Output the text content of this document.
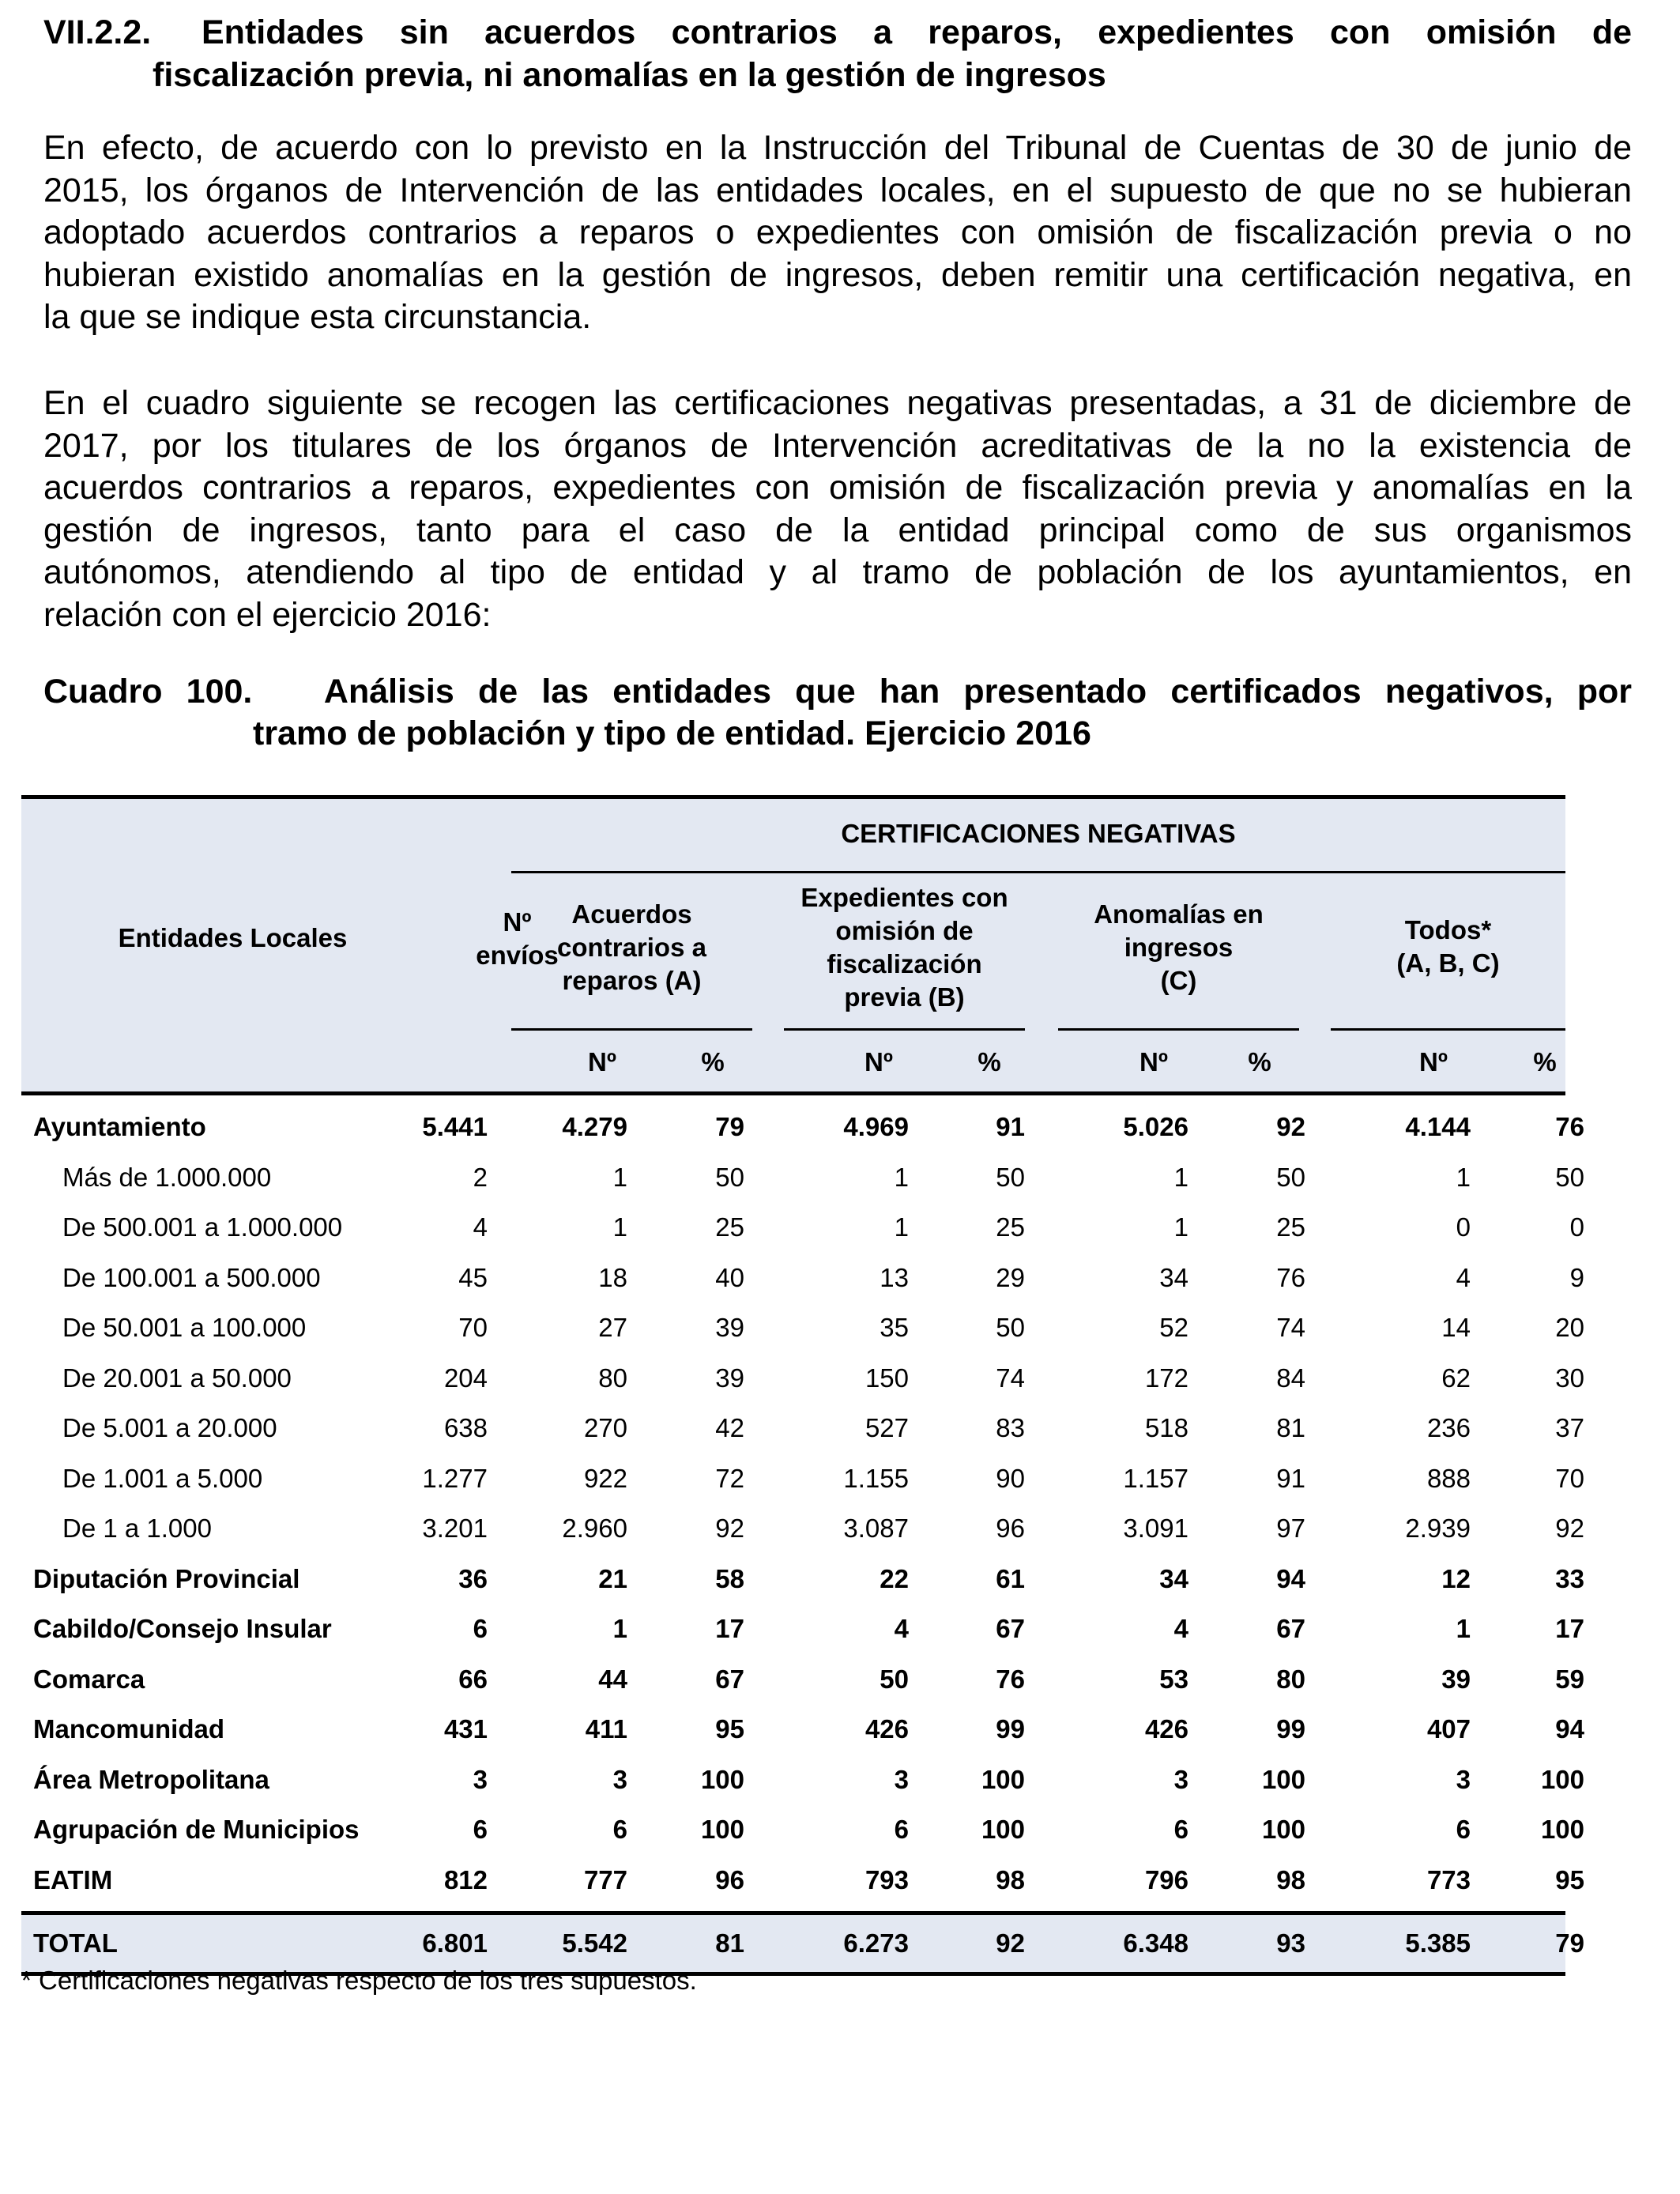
VII.2.2. Entidades sin acuerdos contrarios a reparos, expedientes con omisión de
fiscalización previa, ni anomalías en la gestión de ingresos
En efecto, de acuerdo con lo previsto en la Instrucción del Tribunal de Cuentas de 30 de junio de
2015, los órganos de Intervención de las entidades locales, en el supuesto de que no se hubieran
adoptado acuerdos contrarios a reparos o expedientes con omisión de fiscalización previa o no
hubieran existido anomalías en la gestión de ingresos, deben remitir una certificación negativa, en
la que se indique esta circunstancia.
En el cuadro siguiente se recogen las certificaciones negativas presentadas, a 31 de diciembre de
2017, por los titulares de los órganos de Intervención acreditativas de la no la existencia de
acuerdos contrarios a reparos, expedientes con omisión de fiscalización previa y anomalías en la
gestión de ingresos, tanto para el caso de la entidad principal como de sus organismos
autónomos, atendiendo al tipo de entidad y al tramo de población de los ayuntamientos, en
relación con el ejercicio 2016:
Cuadro 100. Análisis de las entidades que han presentado certificados negativos, por
tramo de población y tipo de entidad. Ejercicio 2016
Entidades Locales
Nº
envíos
CERTIFICACIONES NEGATIVAS
Acuerdos
contrarios a
reparos (A)
Expedientes con
omisión de
fiscalización
previa (B)
Anomalías en
ingresos
(C)
Todos*
(A, B, C)
Nº	%	Nº	%	Nº	%	Nº	%
Ayuntamiento	5.441	4.279	79	4.969	91	5.026	92	4.144	76
Más de 1.000.000	2	1	50	1	50	1	50	1	50
De 500.001 a 1.000.000	4	1	25	1	25	1	25	0	0
De 100.001 a 500.000	45	18	40	13	29	34	76	4	9
De 50.001 a 100.000	70	27	39	35	50	52	74	14	20
De 20.001 a 50.000	204	80	39	150	74	172	84	62	30
De 5.001 a 20.000	638	270	42	527	83	518	81	236	37
De 1.001 a 5.000	1.277	922	72	1.155	90	1.157	91	888	70
De 1 a 1.000	3.201	2.960	92	3.087	96	3.091	97	2.939	92
Diputación Provincial	36	21	58	22	61	34	94	12	33
Cabildo/Consejo Insular	6	1	17	4	67	4	67	1	17
Comarca	66	44	67	50	76	53	80	39	59
Mancomunidad	431	411	95	426	99	426	99	407	94
Área Metropolitana	3	3	100	3	100	3	100	3	100
Agrupación de Municipios	6	6	100	6	100	6	100	6	100
EATIM	812	777	96	793	98	796	98	773	95
TOTAL	6.801	5.542	81	6.273	92	6.348	93	5.385	79
* Certificaciones negativas respecto de los tres supuestos.
